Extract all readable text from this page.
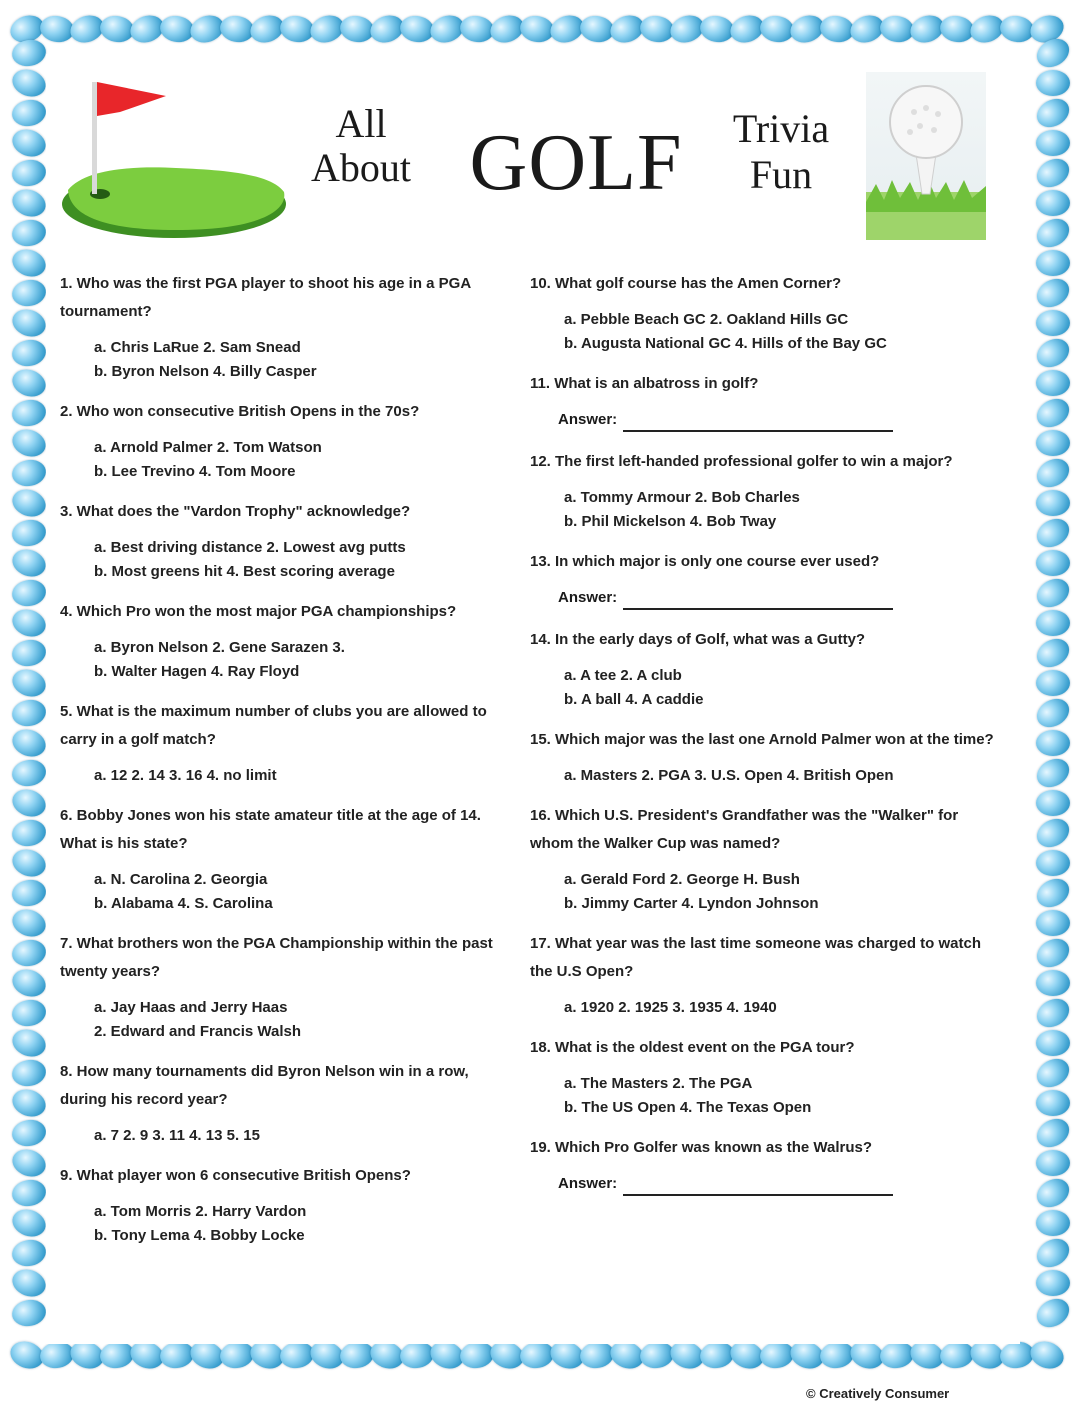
All About GOLF	Trivia Fun
1. Who was the first PGA player to shoot his age in a PGA tournament?
a. Chris LaRue 2. Sam Snead
b. Byron Nelson 4. Billy Casper
2. Who won consecutive British Opens in the 70s?
a. Arnold Palmer 2. Tom Watson
b. Lee Trevino 4. Tom Moore
3. What does the "Vardon Trophy" acknowledge?
a. Best driving distance 2. Lowest avg putts
b. Most greens hit 4. Best scoring average
4. Which Pro won the most major PGA championships?
a. Byron Nelson 2. Gene Sarazen 3.
b. Walter Hagen 4. Ray Floyd
5. What is the maximum number of clubs you are allowed to carry in a golf match?
a. 12 2. 14 3. 16 4. no limit
6. Bobby Jones won his state amateur title at the age of 14. What is his state?
a. N. Carolina 2. Georgia
b. Alabama 4. S. Carolina
7. What brothers won the PGA Championship within the past twenty years?
a. Jay Haas and Jerry Haas
2. Edward and Francis Walsh
8. How many tournaments did Byron Nelson win in a row, during his record year?
a. 7 2. 9 3. 11 4. 13 5. 15
9. What player won 6 consecutive British Opens?
a. Tom Morris 2. Harry Vardon
b. Tony Lema 4. Bobby Locke
10. What golf course has the Amen Corner?
a. Pebble Beach GC 2. Oakland Hills GC
b. Augusta National GC 4. Hills of the Bay GC
11. What is an albatross in golf?
Answer:
12. The first left-handed professional golfer to win a major?
a. Tommy Armour 2. Bob Charles
b. Phil Mickelson 4. Bob Tway
13. In which major is only one course ever used?
Answer:
14. In the early days of Golf, what was a Gutty?
a. A tee 2. A club
b. A ball 4. A caddie
15. Which major was the last one Arnold Palmer won at the time?
a. Masters 2. PGA 3. U.S. Open 4. British Open
16. Which U.S. President's Grandfather was the "Walker" for whom the Walker Cup was named?
a. Gerald Ford 2. George H. Bush
b. Jimmy Carter 4. Lyndon Johnson
17. What year was the last time someone was charged to watch the U.S Open?
a. 1920 2. 1925 3. 1935 4. 1940
18. What is the oldest event on the PGA tour?
a. The Masters 2. The PGA
b. The US Open 4. The Texas Open
19. Which Pro Golfer was known as the Walrus?
Answer:
© Creatively Consumer
